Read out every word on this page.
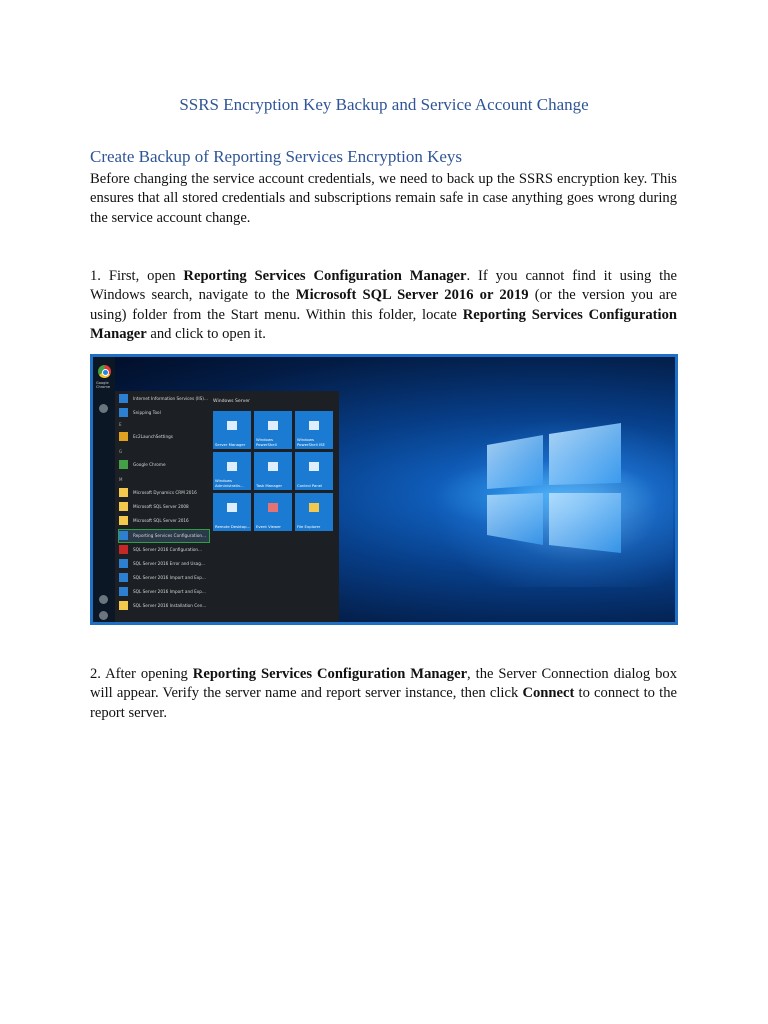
SSRS Encryption Key Backup and Service Account Change
Create Backup of Reporting Services Encryption Keys

Before changing the service account credentials, we need to back up the SSRS encryption key. This ensures that all stored credentials and subscriptions remain safe in case anything goes wrong during the service account change.

1. First, open Reporting Services Configuration Manager. If you cannot find it using the Windows search, navigate to the Microsoft SQL Server 2016 or 2019 (or the version you are using) folder from the Start menu. Within this folder, locate Reporting Services Configuration Manager and click to open it.

Google Chrome
Internet Information Services (IIS)...
Snipping Tool
E
Ec2LaunchSettings
G
Google Chrome
M
Microsoft Dynamics CRM 2016
Microsoft SQL Server 2008
Microsoft SQL Server 2016
Reporting Services Configuration...
SQL Server 2016 Configuration...
SQL Server 2016 Error and Usag...
SQL Server 2016 Import and Exp...
SQL Server 2016 Import and Exp...
SQL Server 2016 Installation Cen...
Windows Server
Server Manager
Windows PowerShell
Windows PowerShell ISE
Windows Administrativ...	Task Manager	Control Panel
Remote Desktop... Event Viewer	File Explorer

2. After opening Reporting Services Configuration Manager, the Server Connection dialog box will appear. Verify the server name and report server instance, then click Connect to connect to the report server.
